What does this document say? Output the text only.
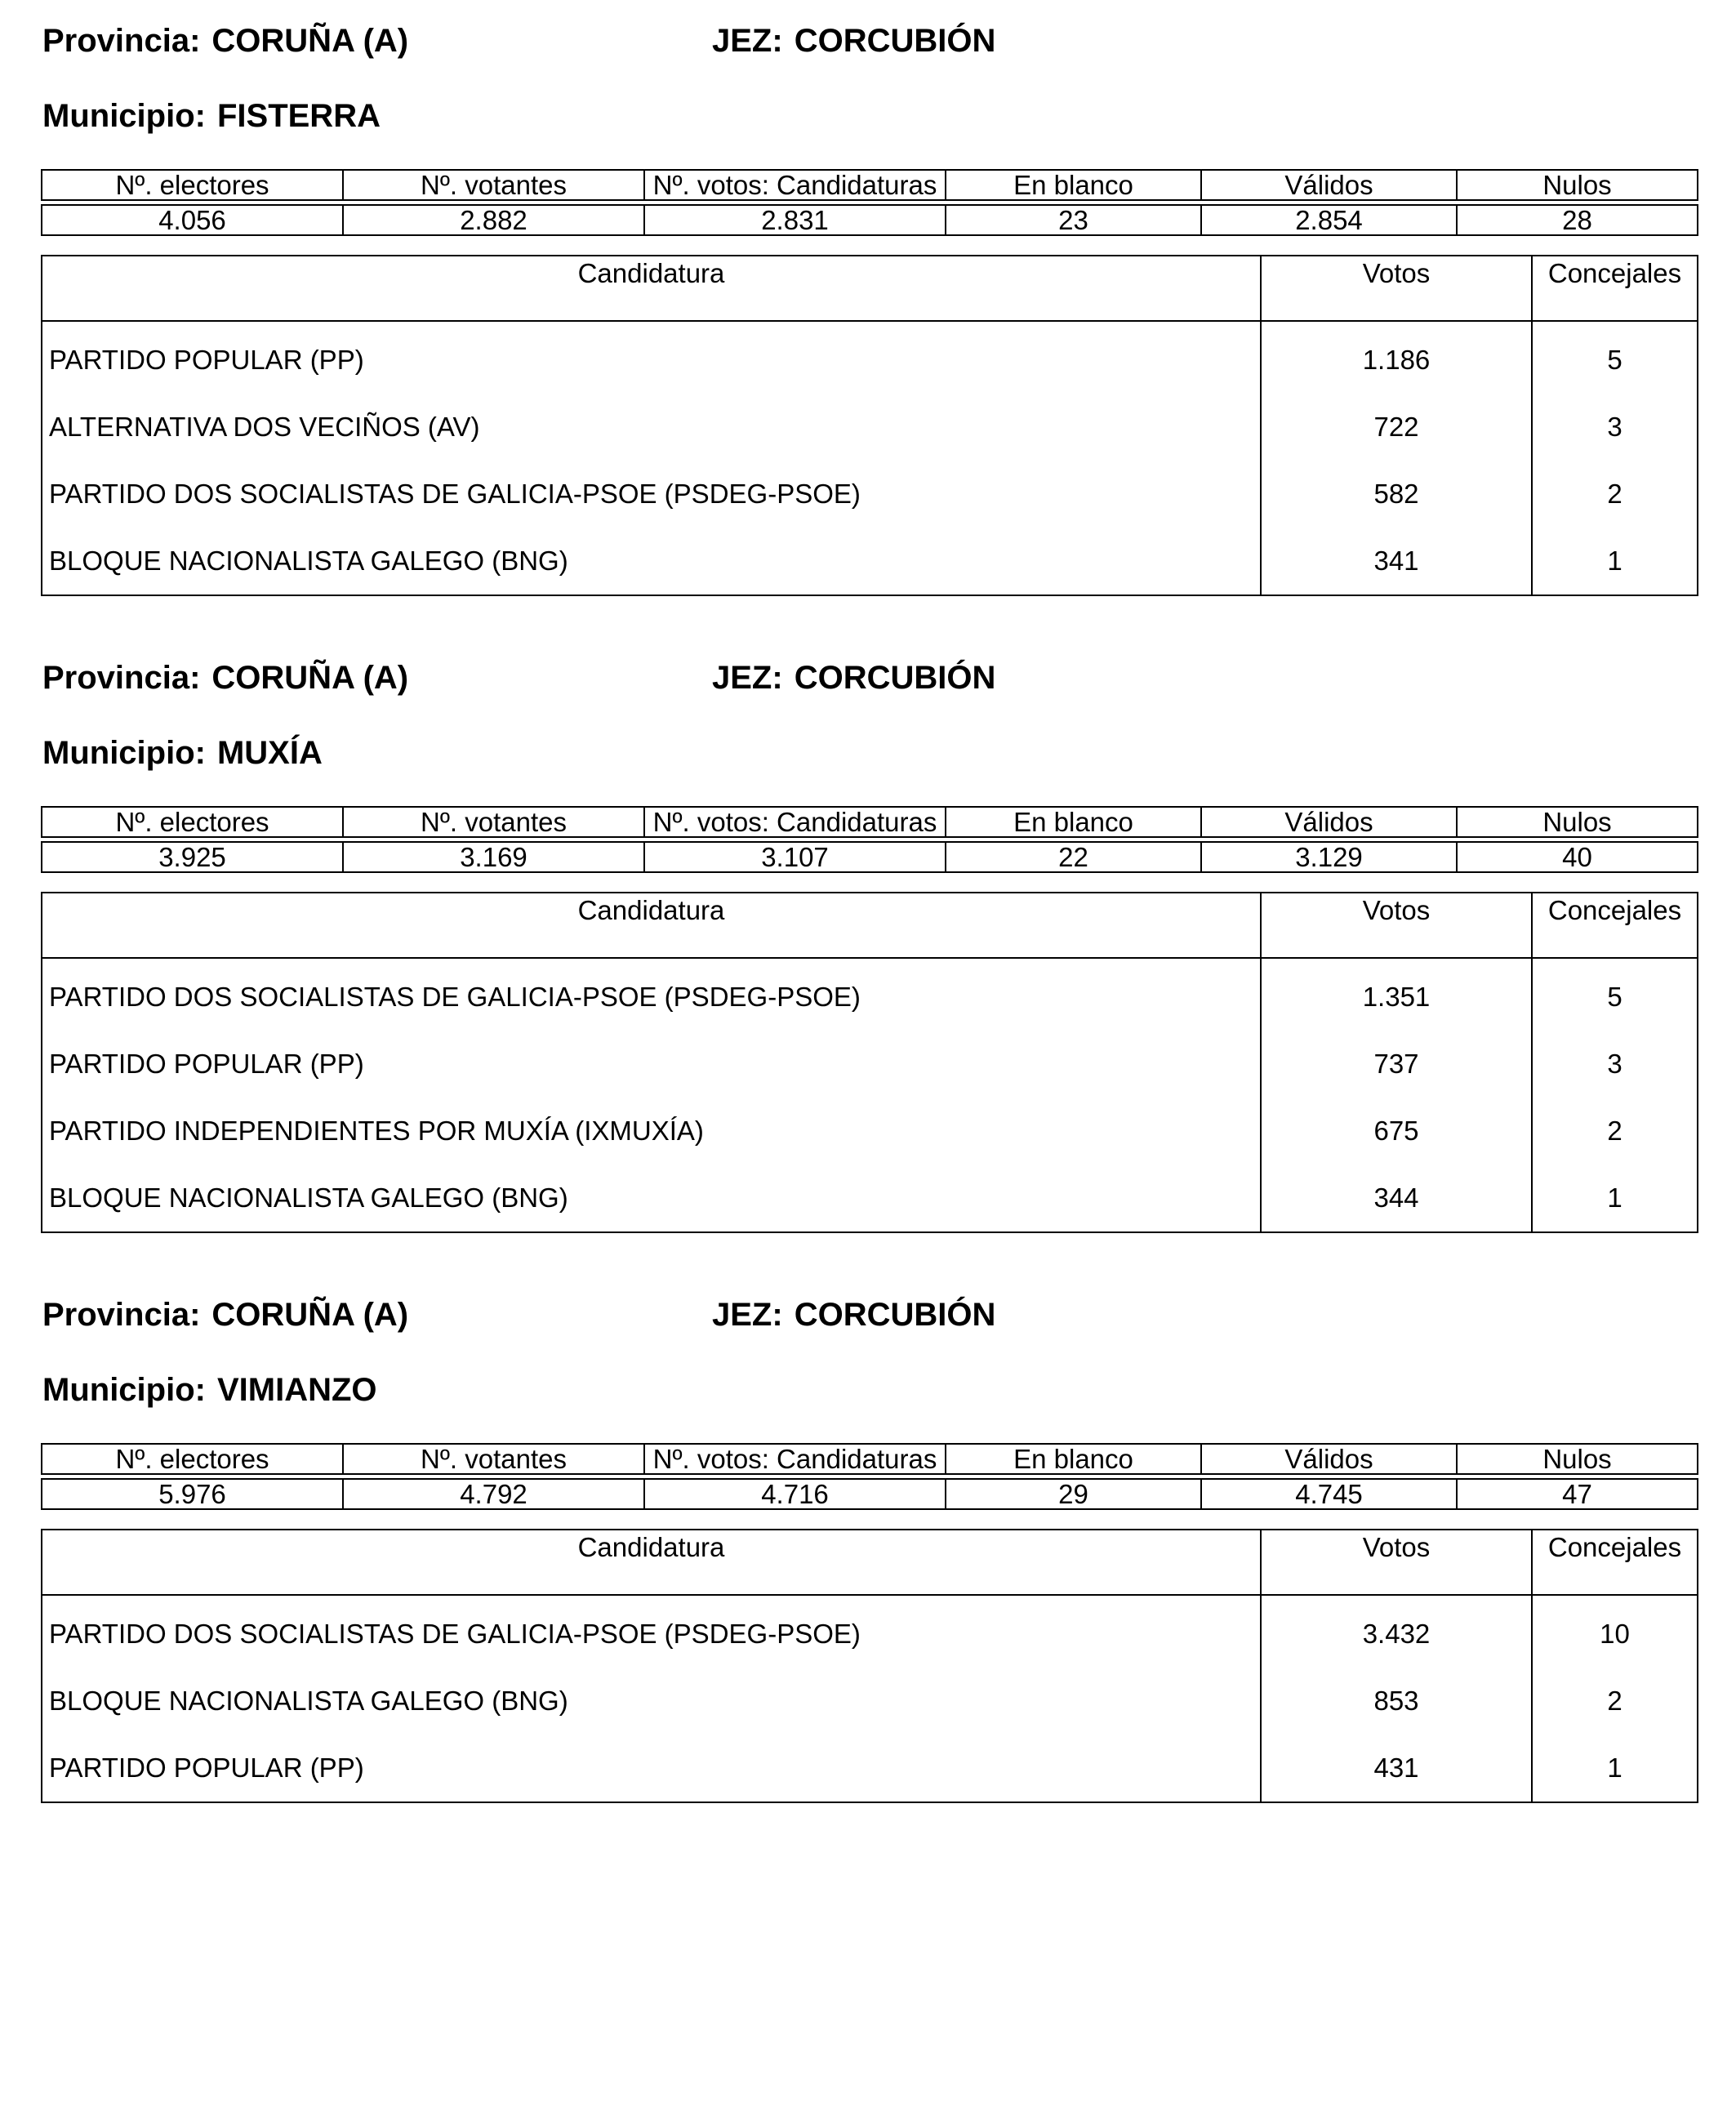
Provincia: CORUÑA (A)	JEZ: CORCUBIÓN
Municipio: FISTERRA
Nº. electores	Nº. votantes	Nº. votos: Candidaturas	En blanco	Válidos	Nulos
4.056	2.882	2.831	23	2.854	28
Candidatura	Votos	Concejales
PARTIDO POPULAR (PP)	1.186	5
ALTERNATIVA DOS VECIÑOS (AV)	722	3
PARTIDO DOS SOCIALISTAS DE GALICIA-PSOE (PSDEG-PSOE)	582	2
BLOQUE NACIONALISTA GALEGO (BNG)	341	1
Provincia: CORUÑA (A)	JEZ: CORCUBIÓN
Municipio: MUXÍA
Nº. electores	Nº. votantes	Nº. votos: Candidaturas	En blanco	Válidos	Nulos
3.925	3.169	3.107	22	3.129	40
Candidatura	Votos	Concejales
PARTIDO DOS SOCIALISTAS DE GALICIA-PSOE (PSDEG-PSOE)	1.351	5
PARTIDO POPULAR (PP)	737	3
PARTIDO INDEPENDIENTES POR MUXÍA (IXMUXÍA)	675	2
BLOQUE NACIONALISTA GALEGO (BNG)	344	1
Provincia: CORUÑA (A)	JEZ: CORCUBIÓN
Municipio: VIMIANZO
Nº. electores	Nº. votantes	Nº. votos: Candidaturas	En blanco	Válidos	Nulos
5.976	4.792	4.716	29	4.745	47
Candidatura	Votos	Concejales
PARTIDO DOS SOCIALISTAS DE GALICIA-PSOE (PSDEG-PSOE)	3.432	10
BLOQUE NACIONALISTA GALEGO (BNG)	853	2
PARTIDO POPULAR (PP)	431	1
